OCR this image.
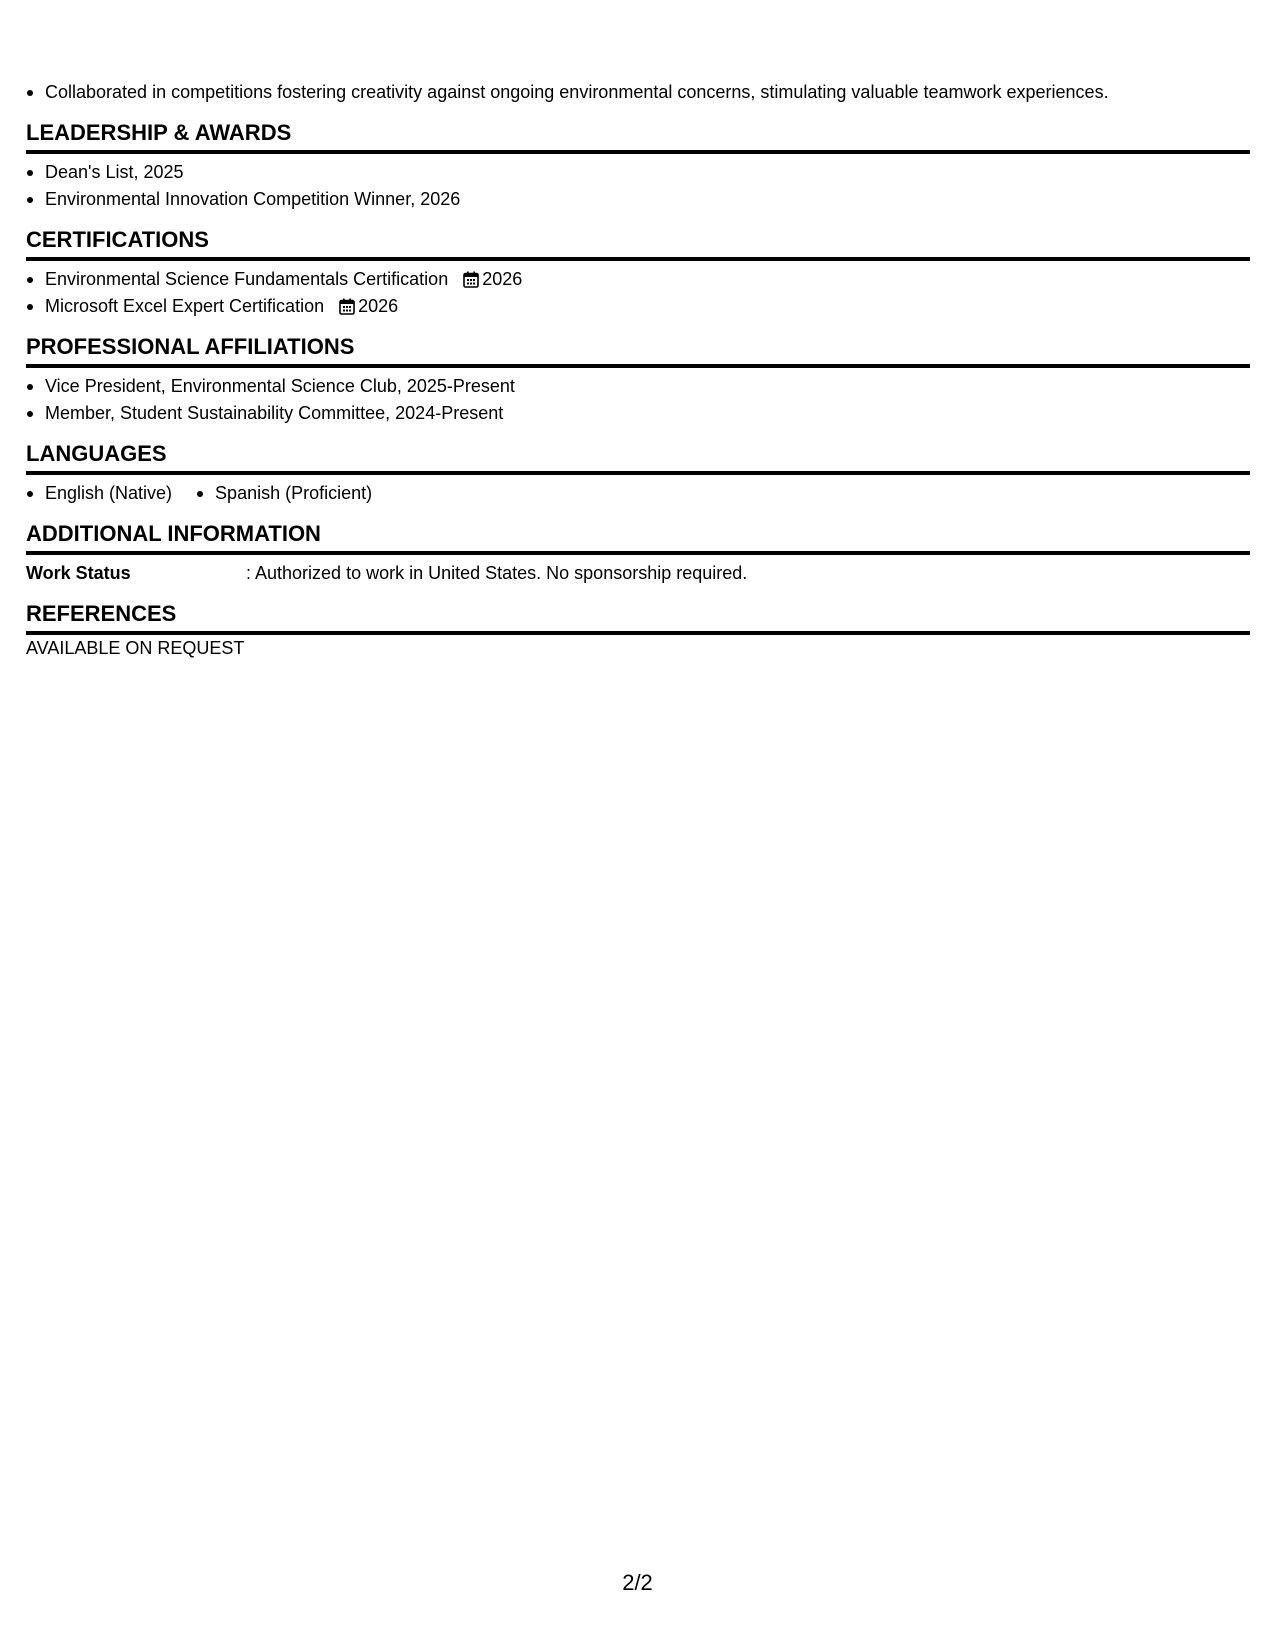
Collaborated in competitions fostering creativity against ongoing environmental concerns, stimulating valuable teamwork experiences.
LEADERSHIP & AWARDS
Dean's List, 2025
Environmental Innovation Competition Winner, 2026
CERTIFICATIONS
Environmental Science Fundamentals Certification 2026
Microsoft Excel Expert Certification 2026
PROFESSIONAL AFFILIATIONS
Vice President, Environmental Science Club, 2025-Present
Member, Student Sustainability Committee, 2024-Present
LANGUAGES
English (Native)	Spanish (Proficient)
ADDITIONAL INFORMATION
Work Status	: Authorized to work in United States. No sponsorship required.
REFERENCES

AVAILABLE ON REQUEST

2/2
